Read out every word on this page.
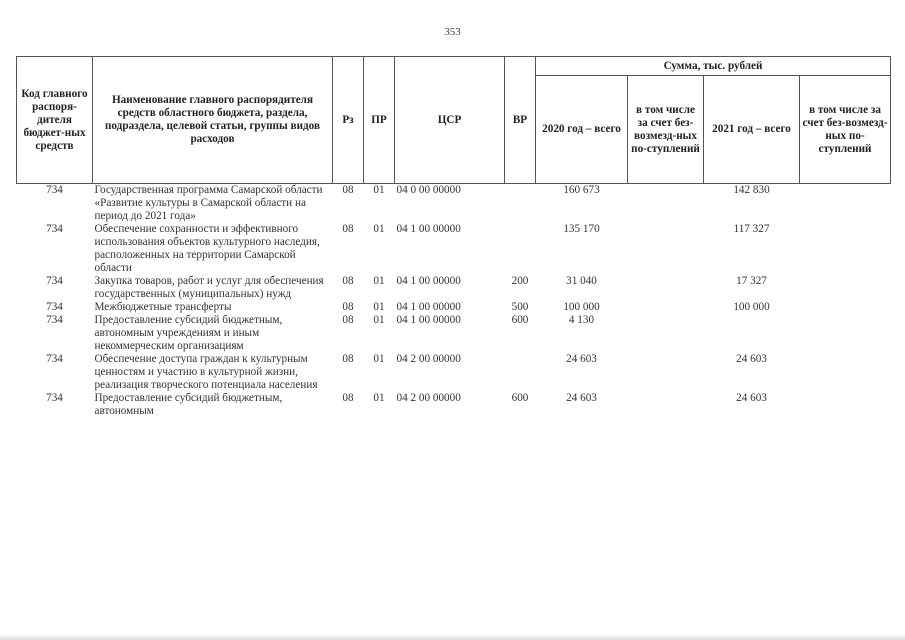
353
Код главного распоря-дителя бюджет-ных средств	Наименование главного распорядителя средств областного бюджета, раздела, подраздела, целевой статьи, группы видов расходов	Рз	ПР	ЦСР	ВР	Сумма, тыс. рублей			
						2020 год – всего	в том числе за счет без-возмезд-ных по-ступлений	2021 год – всего	в том числе за счет без-возмезд-ных по-ступлений
734	Государственная программа Самарской области «Развитие культуры в Самарской области на период до 2021 года»	08	01	04 0 00 00000		160 673		142 830	
734	Обеспечение сохранности и эффективного использования объектов культурного наследия, расположенных на территории Самарской области	08	01	04 1 00 00000		135 170		117 327	
734	Закупка товаров, работ и услуг для обеспечения государственных (муниципальных) нужд	08	01	04 1 00 00000	200	31 040		17 327	
734	Межбюджетные трансферты	08	01	04 1 00 00000	500	100 000		100 000	
734	Предоставление субсидий бюджетным, автономным учреждениям и иным некоммерческим организациям	08	01	04 1 00 00000	600	4 130			
734	Обеспечение доступа граждан к культурным ценностям и участию в культурной жизни, реализация творческого потенциала населения	08	01	04 2 00 00000		24 603		24 603	
734	Предоставление субсидий бюджетным, автономным	08	01	04 2 00 00000	600	24 603		24 603	
